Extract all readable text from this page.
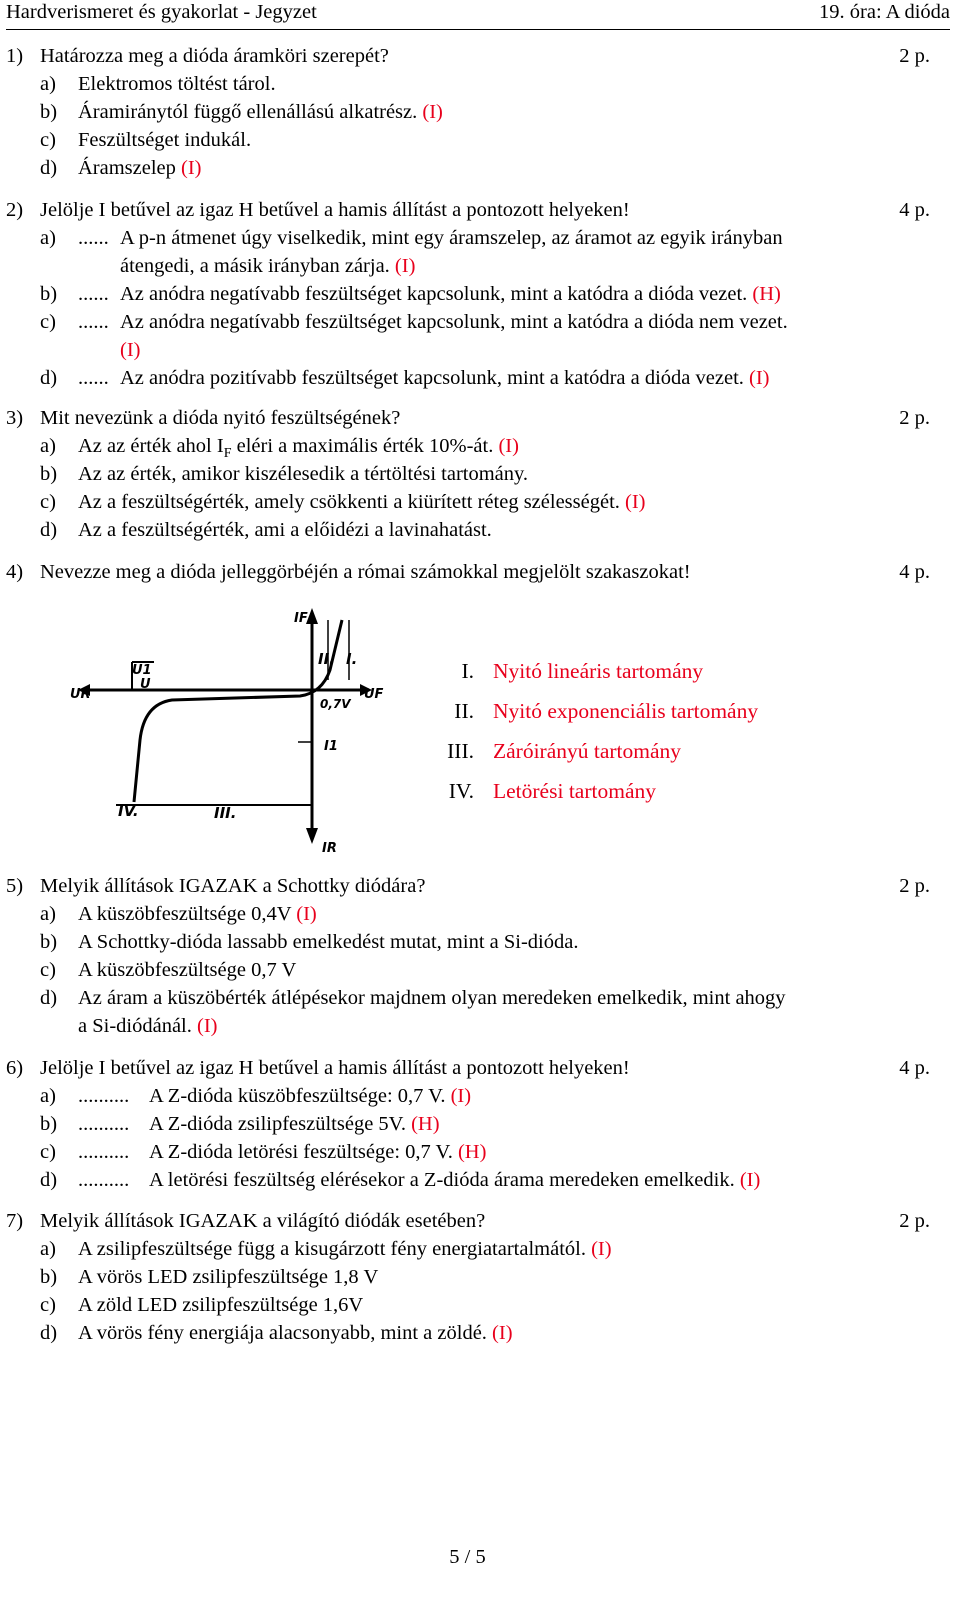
Hardverismeret és gyakorlat - Jegyzet	19. óra: A dióda
1) Határozza meg a dióda áramköri szerepét?	2 p.
a) Elektromos töltést tárol.
b) Áramiránytól függő ellenállású alkatrész. (I)
c) Feszültséget indukál.
d) Áramszelep (I)
2) Jelölje I betűvel az igaz H betűvel a hamis állítást a pontozott helyeken!	4 p.
a) ...... A p-n átmenet úgy viselkedik, mint egy áramszelep, az áramot az egyik irányban
átengedi, a másik irányban zárja. (I)
b) ...... Az anódra negatívabb feszültséget kapcsolunk, mint a katódra a dióda vezet. (H)
c) ...... Az anódra negatívabb feszültséget kapcsolunk, mint a katódra a dióda nem vezet.
(I)
d) ...... Az anódra pozitívabb feszültséget kapcsolunk, mint a katódra a dióda vezet. (I)
3) Mit nevezünk a dióda nyitó feszültségének?	2 p.
a) Az az érték ahol $I_F$ eléri a maximális érték 10%-át. (I)
b) Az az érték, amikor kiszélesedik a tértöltési tartomány.
c) Az a feszültségérték, amely csökkenti a kiürített réteg szélességét. (I)
d) Az a feszültségérték, ami a előidézi a lavinahatást.
4) Nevezze meg a dióda jelleggörbéjén a római számokkal megjelölt szakaszokat!	4 p.
IF
UR	UF
IR
U1
U
0,7V
I1
I.
II.
III.
IV.
I. Nyitó lineáris tartomány
II. Nyitó exponenciális tartomány
III. Záróirányú tartomány
IV. Letörési tartomány
5) Melyik állítások IGAZAK a Schottky diódára?	2 p.
a) A küszöbfeszültsége 0,4V (I)
b) A Schottky-dióda lassabb emelkedést mutat, mint a Si-dióda.
c) A küszöbfeszültsége 0,7 V
d) Az áram a küszöbérték átlépésekor majdnem olyan meredeken emelkedik, mint ahogy
a Si-diódánál. (I)
6) Jelölje I betűvel az igaz H betűvel a hamis állítást a pontozott helyeken!	4 p.
a) .......... A Z-dióda küszöbfeszültsége: 0,7 V. (I)
b) .......... A Z-dióda zsilipfeszültsége 5V. (H)
c) .......... A Z-dióda letörési feszültsége: 0,7 V. (H)
d) .......... A letörési feszültség elérésekor a Z-dióda árama meredeken emelkedik. (I)
7) Melyik állítások IGAZAK a világító diódák esetében?	2 p.
a) A zsilipfeszültsége függ a kisugárzott fény energiatartalmától. (I)
b) A vörös LED zsilipfeszültsége 1,8 V
c) A zöld LED zsilipfeszültsége 1,6V
d) A vörös fény energiája alacsonyabb, mint a zöldé. (I)
5 / 5
